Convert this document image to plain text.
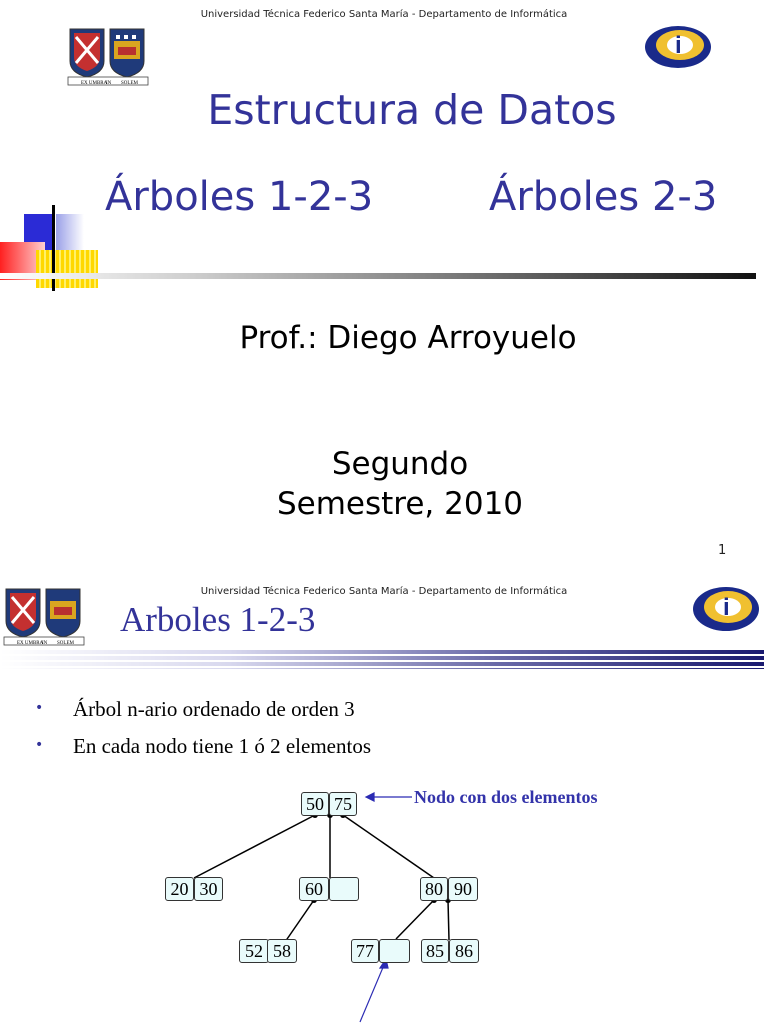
Universidad Técnica Federico Santa María - Departamento de Informática
EX UMBRA
IN SOLEM
i
Estructura de Datos
Árboles 1-2-3	Árboles 2-3
Prof.: Diego Arroyuelo
Segundo
Semestre, 2010
1
Universidad Técnica Federico Santa María - Departamento de Informática
EX UMBRA
IN SOLEM
i
Arboles 1-2-3
• Árbol n-ario ordenado de orden 3
• En cada nodo tiene 1 ó 2 elementos
50 75	Nodo con dos elementos
20 30	60	80 90
52 58	77	85 86
